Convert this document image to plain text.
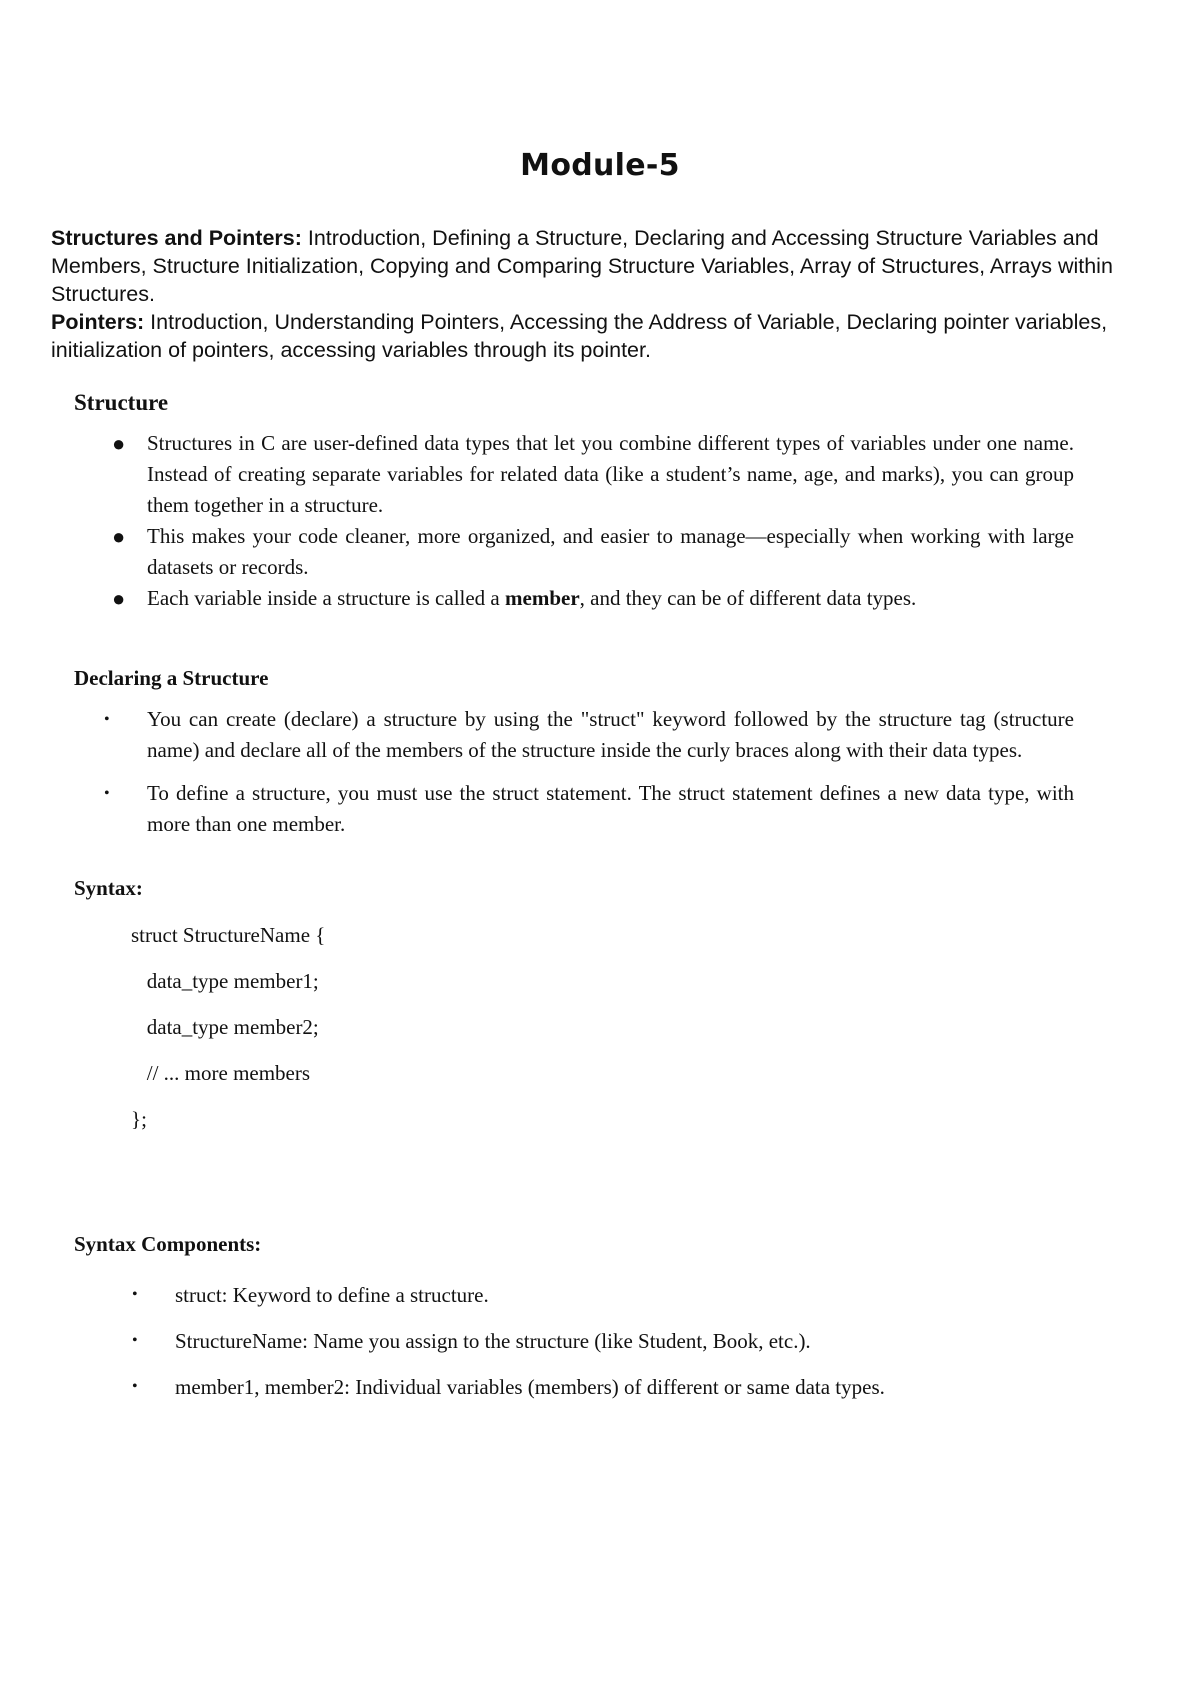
Module-5

Structures and Pointers: Introduction, Defining a Structure, Declaring and Accessing Structure Variables and Members, Structure Initialization, Copying and Comparing Structure Variables, Array of Structures, Arrays within Structures.

Pointers: Introduction, Understanding Pointers, Accessing the Address of Variable, Declaring pointer variables, initialization of pointers, accessing variables through its pointer.

Structure
● Structures in C are user-defined data types that let you combine different types of variables under one name. Instead of creating separate variables for related data (like a student’s name, age, and marks), you can group them together in a structure.
● This makes your code cleaner, more organized, and easier to manage—especially when working with large datasets or records.
● Each variable inside a structure is called a member, and they can be of different data types.
Declaring a Structure
• You can create (declare) a structure by using the "struct" keyword followed by the structure tag (structure name) and declare all of the members of the structure inside the curly braces along with their data types.
• To define a structure, you must use the struct statement. The struct statement defines a new data type, with more than one member.
Syntax:

struct StructureName {

data_type member1;

data_type member2;

// ... more members

};

Syntax Components:
• struct: Keyword to define a structure.
• StructureName: Name you assign to the structure (like Student, Book, etc.).
• member1, member2: Individual variables (members) of different or same data types.
